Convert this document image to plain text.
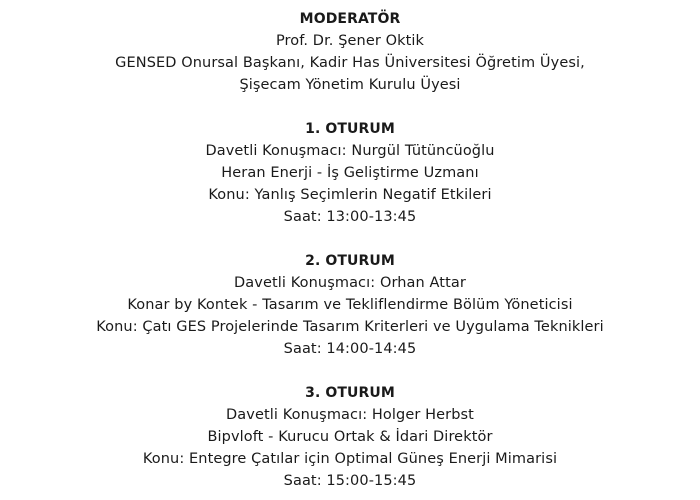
MODERATÖR
Prof. Dr. Şener Oktik
GENSED Onursal Başkanı, Kadir Has Üniversitesi Öğretim Üyesi,
Şişecam Yönetim Kurulu Üyesi
1. OTURUM
Davetli Konuşmacı: Nurgül Tütüncüoğlu
Heran Enerji - İş Geliştirme Uzmanı
Konu: Yanlış Seçimlerin Negatif Etkileri
Saat: 13:00-13:45
2. OTURUM
Davetli Konuşmacı: Orhan Attar
Konar by Kontek - Tasarım ve Tekliflendirme Bölüm Yöneticisi
Konu: Çatı GES Projelerinde Tasarım Kriterleri ve Uygulama Teknikleri
Saat: 14:00-14:45
3. OTURUM
Davetli Konuşmacı: Holger Herbst
Bipvloft - Kurucu Ortak & İdari Direktör
Konu: Entegre Çatılar için Optimal Güneş Enerji Mimarisi
Saat: 15:00-15:45
